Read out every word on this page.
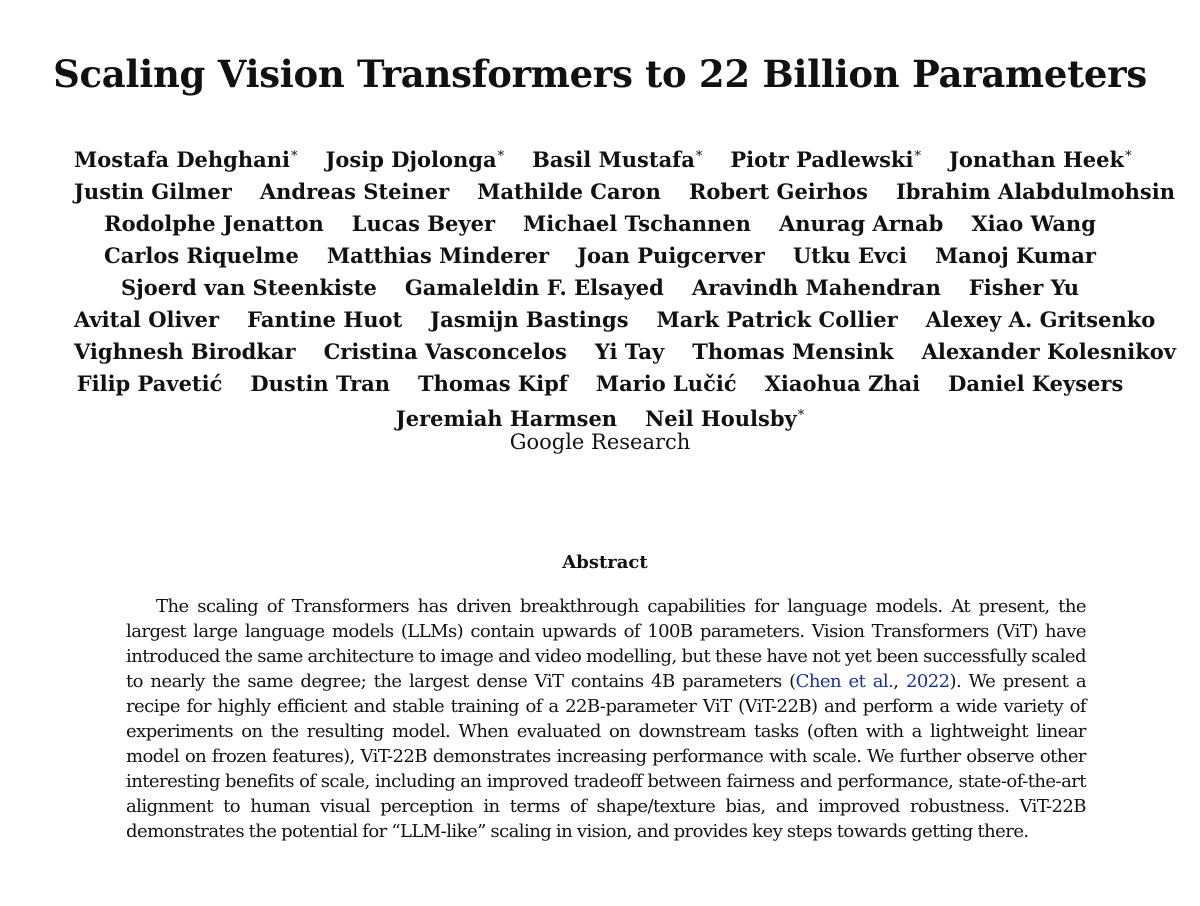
Scaling Vision Transformers to 22 Billion Parameters
Mostafa Dehghani* Josip Djolonga* Basil Mustafa* Piotr Padlewski* Jonathan Heek*
Justin Gilmer Andreas Steiner Mathilde Caron Robert Geirhos Ibrahim Alabdulmohsin
Rodolphe Jenatton Lucas Beyer Michael Tschannen Anurag Arnab Xiao Wang
Carlos Riquelme Matthias Minderer Joan Puigcerver Utku Evci Manoj Kumar
Sjoerd van Steenkiste Gamaleldin F. Elsayed Aravindh Mahendran Fisher Yu
Avital Oliver Fantine Huot Jasmijn Bastings Mark Patrick Collier Alexey A. Gritsenko
Vighnesh Birodkar Cristina Vasconcelos Yi Tay Thomas Mensink Alexander Kolesnikov
Filip Pavetić Dustin Tran Thomas Kipf Mario Lučić Xiaohua Zhai Daniel Keysers
Jeremiah Harmsen Neil Houlsby*
Google Research
Abstract
The scaling of Transformers has driven breakthrough capabilities for language models. At present, the largest large language models (LLMs) contain upwards of 100B parameters. Vision Transformers (ViT) have introduced the same architecture to image and video modelling, but these have not yet been successfully scaled to nearly the same degree; the largest dense ViT contains 4B parameters (Chen et al., 2022). We present a recipe for highly efficient and stable training of a 22B-parameter ViT (ViT-22B) and perform a wide variety of experiments on the resulting model. When evaluated on downstream tasks (often with a lightweight linear model on frozen features), ViT-22B demonstrates increasing performance with scale. We further observe other interesting benefits of scale, including an improved tradeoff between fairness and performance, state-of-the-art alignment to human visual perception in terms of shape/texture bias, and improved robustness. ViT-22B demonstrates the potential for “LLM-like” scaling in vision, and provides key steps towards getting there.
